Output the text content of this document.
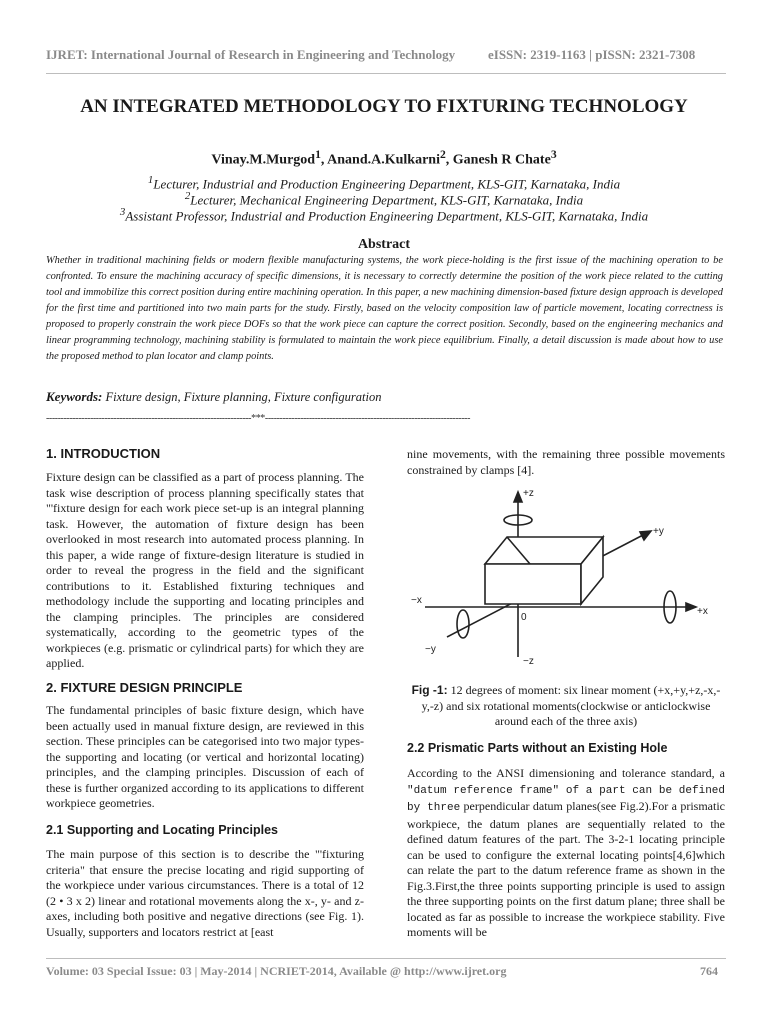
IJRET: International Journal of Research in Engineering and Technology	eISSN: 2319-1163 | pISSN: 2321-7308
AN INTEGRATED METHODOLOGY TO FIXTURING TECHNOLOGY
Vinay.M.Murgod$^1$, Anand.A.Kulkarni$^2$, Ganesh R Chate$^3$
$^1$Lecturer, Industrial and Production Engineering Department, KLS-GIT, Karnataka, India
$^2$Lecturer, Mechanical Engineering Department, KLS-GIT, Karnataka, India
$^3$Assistant Professor, Industrial and Production Engineering Department, KLS-GIT, Karnataka, India
Abstract
Whether in traditional machining fields or modern flexible manufacturing systems, the work piece-holding is the first issue of the machining operation to be confronted. To ensure the machining accuracy of specific dimensions, it is necessary to correctly determine the position of the work piece related to the cutting tool and immobilize this correct position during entire machining operation. In this paper, a new machining dimension-based fixture design approach is developed for the first time and partitioned into two main parts for the study. Firstly, based on the velocity composition law of particle movement, locating correctness is proposed to properly constrain the work piece DOFs so that the work piece can capture the correct position. Secondly, based on the engineering mechanics and linear programming technology, machining stability is formulated to maintain the work piece equilibrium. Finally, a detail discussion is made about how to use the proposed method to plan locator and clamp points.
Keywords: Fixture design, Fixture planning, Fixture configuration
----------------------------------------------------------------------***----------------------------------------------------------------------
1. INTRODUCTION
Fixture design can be classified as a part of process planning. The task wise description of process planning specifically states that "'fixture design for each work piece set-up is an integral planning task. However, the automation of fixture design has been overlooked in most research into automated process planning. In this paper, a wide range of fixture-design literature is studied in order to reveal the progress in the field and the significant contributions to it. Established fixturing techniques and methodology include the supporting and locating principles and the clamping principles. The principles are considered systematically, according to the geometric types of the workpieces (e.g. prismatic or cylindrical parts) for which they are applied.
2. FIXTURE DESIGN PRINCIPLE
The fundamental principles of basic fixture design, which have been actually used in manual fixture design, are reviewed in this section. These principles can be categorised into two major types- the supporting and locating (or vertical and horizontal locating) principles, and the clamping principles. Discussion of each of these is further organized according to its applications to different workpiece geometries.
2.1 Supporting and Locating Principles
The main purpose of this section is to describe the "'fixturing criteria" that ensure the precise locating and rigid supporting of the workpiece under various circumstances. There is a total of 12 (2 • 3 x 2) linear and rotational movements along the x-, y- and z-axes, including both positive and negative directions (see Fig. 1). Usually, supporters and locators restrict at [east
nine movements, with the remaining three possible movements constrained by clamps [4].
+z
+y
+x
−x
−y
−z
0
Fig -1: 12 degrees of moment: six linear moment (+x,+y,+z,-x,-y,-z) and six rotational moments(clockwise or anticlockwise around each of the three axis)
2.2 Prismatic Parts without an Existing Hole
According to the ANSI dimensioning and tolerance standard, a "datum reference frame" of a part can be defined by three perpendicular datum planes(see Fig.2).For a prismatic workpiece, the datum planes are sequentially related to the defined datum features of the part. The 3-2-1 locating principle can be used to configure the external locating points[4,6]which can relate the part to the datum reference frame as shown in the Fig.3.First,the three points supporting principle is used to assign the three supporting points on the first datum plane; three shall be located as far as possible to increase the workpiece stability. Five moments will be
Volume: 03 Special Issue: 03 | May-2014 | NCRIET-2014, Available @ http://www.ijret.org	764
